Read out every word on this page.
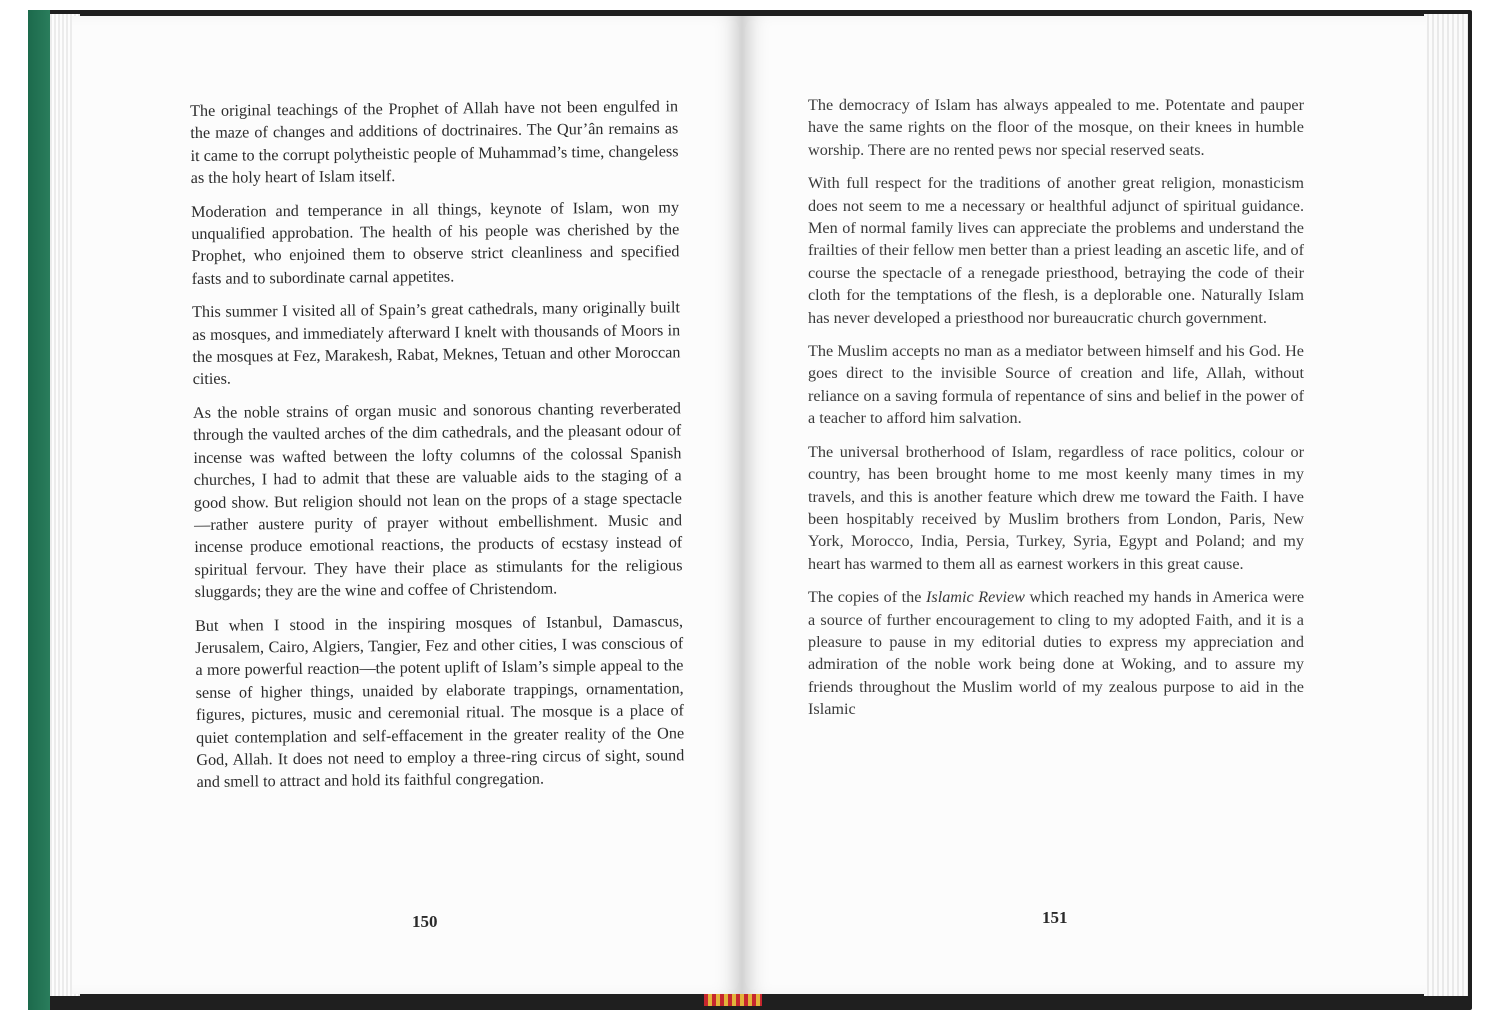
The original teachings of the Prophet of Allah have not been engulfed in the maze of changes and additions of doctrinaires. The Qur’ân remains as it came to the corrupt polytheistic people of Muhammad’s time, changeless as the holy heart of Islam itself.

Moderation and temperance in all things, keynote of Islam, won my unqualified approbation. The health of his people was cherished by the Prophet, who enjoined them to observe strict cleanliness and specified fasts and to subordinate carnal appetites.

This summer I visited all of Spain’s great cathedrals, many originally built as mosques, and immediately afterward I knelt with thousands of Moors in the mosques at Fez, Marakesh, Rabat, Meknes, Tetuan and other Moroccan cities.

As the noble strains of organ music and sonorous chanting reverberated through the vaulted arches of the dim cathedrals, and the pleasant odour of incense was wafted between the lofty columns of the colossal Spanish churches, I had to admit that these are valuable aids to the staging of a good show. But religion should not lean on the props of a stage spectacle—rather austere purity of prayer without embellishment. Music and incense produce emotional reactions, the products of ecstasy instead of spiritual fervour. They have their place as stimulants for the religious sluggards; they are the wine and coffee of Christendom.

But when I stood in the inspiring mosques of Istanbul, Damascus, Jerusalem, Cairo, Algiers, Tangier, Fez and other cities, I was conscious of a more powerful reaction—the potent uplift of Islam’s simple appeal to the sense of higher things, unaided by elaborate trappings, ornamentation, figures, pictures, music and ceremonial ritual. The mosque is a place of quiet contemplation and self-effacement in the greater reality of the One God, Allah. It does not need to employ a three-ring circus of sight, sound and smell to attract and hold its faithful congregation.

150

The democracy of Islam has always appealed to me. Potentate and pauper have the same rights on the floor of the mosque, on their knees in humble worship. There are no rented pews nor special reserved seats.

With full respect for the traditions of another great religion, monasticism does not seem to me a necessary or healthful adjunct of spiritual guidance. Men of normal family lives can appreciate the problems and understand the frailties of their fellow men better than a priest leading an ascetic life, and of course the spectacle of a renegade priesthood, betraying the code of their cloth for the temptations of the flesh, is a deplorable one. Naturally Islam has never developed a priesthood nor bureaucratic church government.

The Muslim accepts no man as a mediator between himself and his God. He goes direct to the invisible Source of creation and life, Allah, without reliance on a saving formula of repentance of sins and belief in the power of a teacher to afford him salvation.

The universal brotherhood of Islam, regardless of race politics, colour or country, has been brought home to me most keenly many times in my travels, and this is another feature which drew me toward the Faith. I have been hospitably received by Muslim brothers from London, Paris, New York, Morocco, India, Persia, Turkey, Syria, Egypt and Poland; and my heart has warmed to them all as earnest workers in this great cause.

The copies of the Islamic Review which reached my hands in America were a source of further encouragement to cling to my adopted Faith, and it is a pleasure to pause in my editorial duties to express my appreciation and admiration of the noble work being done at Woking, and to assure my friends throughout the Muslim world of my zealous purpose to aid in the Islamic

151
